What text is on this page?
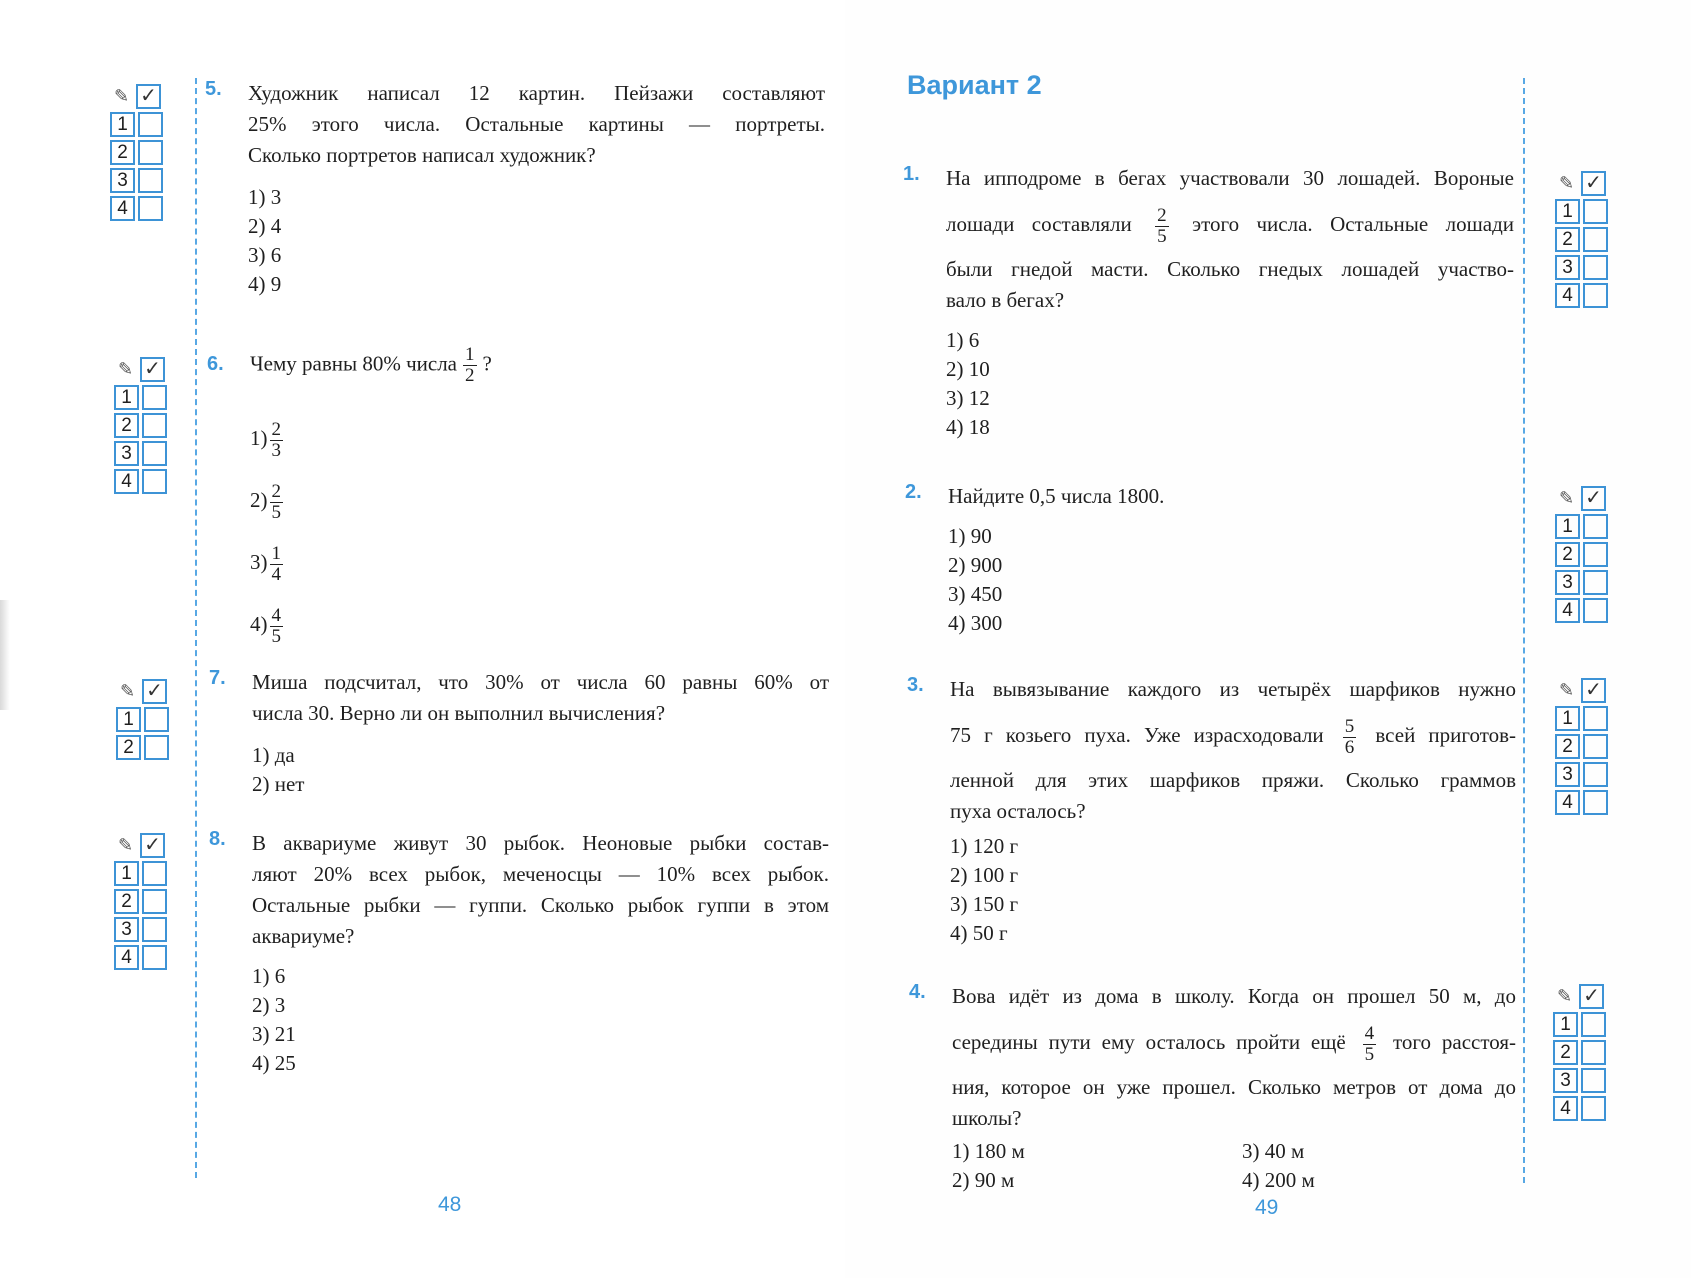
✎ ✓
1
2
3
4
5. Художник написал 12 картин. Пейзажи составляют
25% этого числа. Остальные картины — портреты.
Сколько портретов написал художник?
1) 3
2) 4
3) 6
4) 9
✎ ✓
1
2
3
4
6. Чему равны 80% числа $\frac{1}{2}$ ?
$1) \frac{2}{3}$
$2) \frac{2}{5}$
$3) \frac{1}{4}$
$4) \frac{4}{5}$
✎ ✓
1
2
7. Миша подсчитал, что 30% от числа 60 равны 60% от
числа 30. Верно ли он выполнил вычисления?
1) да
2) нет
✎ ✓
1
2
3
4
8. В аквариуме живут 30 рыбок. Неоновые рыбки состав-
ляют 20% всех рыбок, меченосцы — 10% всех рыбок.
Остальные рыбки — гуппи. Сколько рыбок гуппи в этом
аквариуме?
1) 6
2) 3
3) 21
4) 25
48
Вариант 2
1. На ипподроме в бегах участвовали 30 лошадей. Вороные
лошади составляли $\frac{2}{5}$ этого числа. Остальные лошади
были гнедой масти. Сколько гнедых лошадей участво-
вало в бегах?
1) 6
2) 10
3) 12
4) 18
✎ ✓
1
2
3
4
2. Найдите 0,5 числа 1800.
1) 90
2) 900
3) 450
4) 300
✎ ✓
1
2
3
4
3. На вывязывание каждого из четырёх шарфиков нужно
75 г козьего пуха. Уже израсходовали $\frac{5}{6}$ всей приготов-
ленной для этих шарфиков пряжи. Сколько граммов
пуха осталось?
1) 120 г
2) 100 г
3) 150 г
4) 50 г
✎ ✓
1
2
3
4
4. Вова идёт из дома в школу. Когда он прошел 50 м, до
середины пути ему осталось пройти ещё $\frac{4}{5}$ того расстоя-
ния, которое он уже прошел. Сколько метров от дома до
школы?
1) 180 м	3) 40 м
2) 90 м	4) 200 м
✎ ✓
1
2
3
4
49
